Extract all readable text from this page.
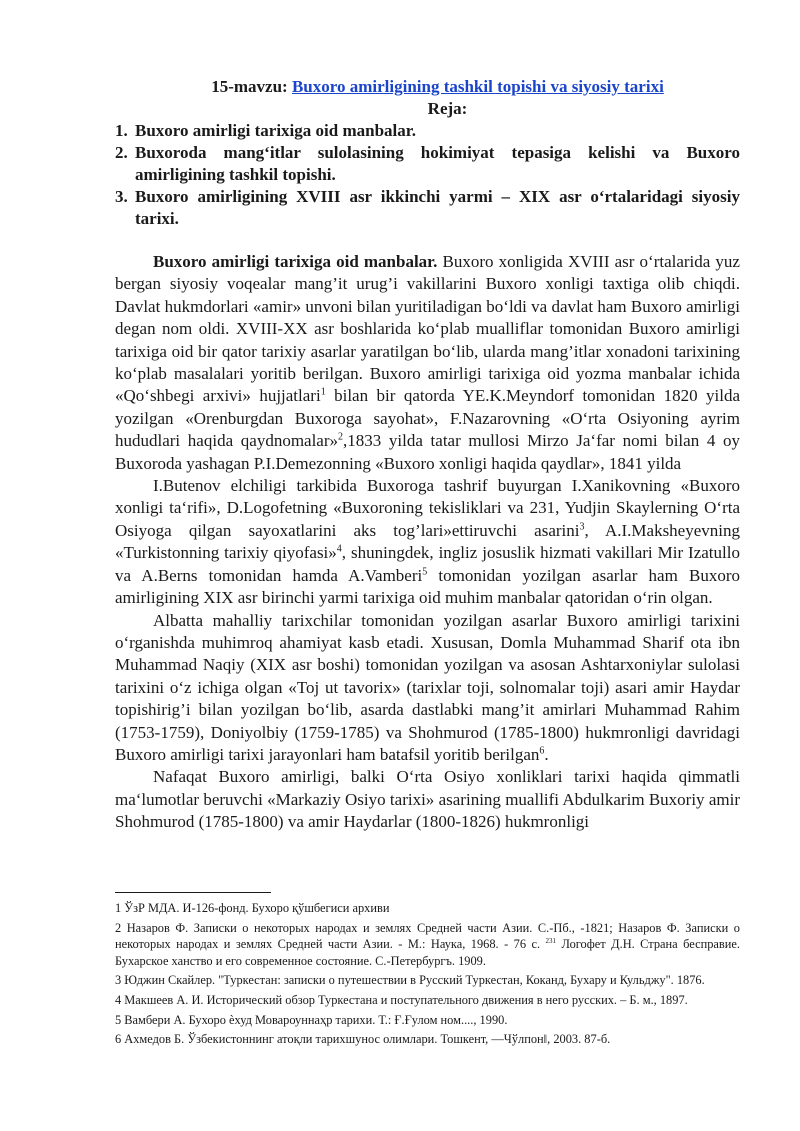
15-mavzu: Buxoro amirligining tashkil topishi va siyosiy tarixi
Reja:
1. Buxoro amirligi tarixiga oid manbalar.
2. Buxoroda mang‘itlar sulolasining hokimiyat tepasiga kelishi va Buxoro amirligining tashkil topishi.
3. Buxoro amirligining XVIII asr ikkinchi yarmi – XIX asr o‘rtalaridagi siyosiy tarixi.

Buxoro amirligi tarixiga oid manbalar. Buxoro xonligida XVIII asr o‘rtalarida yuz bergan siyosiy voqealar mang’it urug’i vakillarini Buxoro xonligi taxtiga olib chiqdi. Davlat hukmdorlari «amir» unvoni bilan yuritiladigan bo‘ldi va davlat ham Buxoro amirligi degan nom oldi. XVIII-XX asr boshlarida ko‘plab mualliflar tomonidan Buxoro amirligi tarixiga oid bir qator tarixiy asarlar yaratilgan bo‘lib, ularda mang’itlar xonadoni tarixining ko‘plab masalalari yoritib berilgan. Buxoro amirligi tarixiga oid yozma manbalar ichida «Qo‘shbegi arxivi» hujjatlari$^1$ bilan bir qatorda YE.K.Meyndorf tomonidan 1820 yilda yozilgan «Orenburgdan Buxoroga sayohat», F.Nazarovning «O‘rta Osiyoning ayrim hududlari haqida qaydnomalar»$^2$,1833 yilda tatar mullosi Mirzo Ja‘far nomi bilan 4 oy Buxoroda yashagan P.I.Demezonning «Buxoro xonligi haqida qaydlar», 1841 yilda

I.Butenov elchiligi tarkibida Buxoroga tashrif buyurgan I.Xanikovning «Buxoro xonligi ta‘rifi», D.Logofetning «Buxoroning tekisliklari va 231, Yudjin Skaylerning O‘rta Osiyoga qilgan sayoxatlarini aks tog’lari»ettiruvchi asarini$^3$, A.I.Maksheyevning «Turkistonning tarixiy qiyofasi»$^4$, shuningdek, ingliz josuslik hizmati vakillari Mir Izatullo va A.Berns tomonidan hamda A.Vamberi$^5$ tomonidan yozilgan asarlar ham Buxoro amirligining XIX asr birinchi yarmi tarixiga oid muhim manbalar qatoridan o‘rin olgan.

Albatta mahalliy tarixchilar tomonidan yozilgan asarlar Buxoro amirligi tarixini o‘rganishda muhimroq ahamiyat kasb etadi. Xususan, Domla Muhammad Sharif ota ibn Muhammad Naqiy (XIX asr boshi) tomonidan yozilgan va asosan Ashtarxoniylar sulolasi tarixini o‘z ichiga olgan «Toj ut tavorix» (tarixlar toji, solnomalar toji) asari amir Haydar topishirig’i bilan yozilgan bo‘lib, asarda dastlabki mang’it amirlari Muhammad Rahim (1753-1759), Doniyolbiy (1759-1785) va Shohmurod (1785-1800) hukmronligi davridagi Buxoro amirligi tarixi jarayonlari ham batafsil yoritib berilgan$^6$.

Nafaqat Buxoro amirligi, balki O‘rta Osiyo xonliklari tarixi haqida qimmatli ma‘lumotlar beruvchi «Markaziy Osiyo tarixi» asarining muallifi Abdulkarim Buxoriy amir Shohmurod (1785-1800) va amir Haydarlar (1800-1826) hukmronligi

1 ЎзР МДА. И-126-фонд. Бухоро қўшбегиси архиви

2 Назаров Ф. Записки о некоторых народах и землях Средней части Азии. С.-Пб., -1821; Назаров Ф. Записки о некоторых народах и землях Средней части Азии. - М.: Наука, 1968. - 76 с. $^{231}$ Логофет Д.Н. Страна бесправие. Бухарское ханство и его современное состояние. С.-Петербургъ. 1909.

3 Юджин Скайлер. "Туркестан: записки о путешествии в Русский Туркестан, Коканд, Бухару и Кульджу". 1876.

4 Макшеев А. И. Исторический обзор Туркестана и поступательного движения в него русских. – Б. м., 1897.

5 Вамбери А. Бухоро ѐхуд Мовароуннаҳр тарихи. Т.: Ғ.Ғулом ном...., 1990.

6 Ахмедов Б. Ўзбекистоннинг атоқли тарихшунос олимлари. Тошкент, ―Чўлпонǁ, 2003. 87-б.
